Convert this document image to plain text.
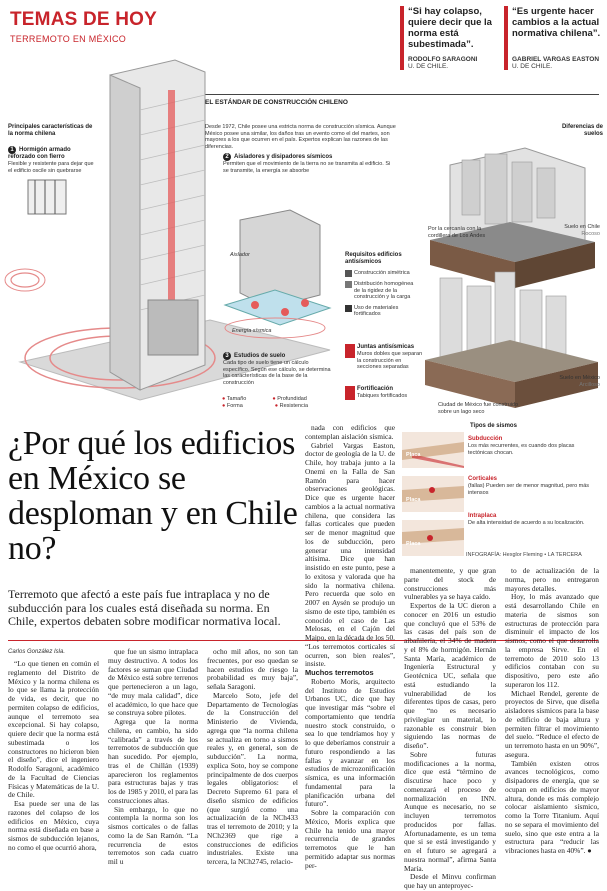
TEMAS DE HOY
TERREMOTO EN MÉXICO
“Si hay colapso, quiere decir que la norma está subestimada”.
RODOLFO SARAGONI
U. DE CHILE.
“Es urgente hacer cambios a la actual normativa chilena”.
GABRIEL VARGAS EASTON
U. DE CHILE.
EL ESTÁNDAR DE CONSTRUCCIÓN CHILENO
Desde 1972, Chile posee una estricta norma de construcción sísmica. Aunque México posee una similar, los daños tras un evento como el del martes, son mayores a los que ocurren en el país. Expertos explican las razones de las diferencias.
Principales características de la norma chilena
1 Hormigón armado reforzado con fierro
Flexible y resistente para dejar que el edificio oscile sin quebrarse
2 Aisladores y disipadores sísmicos
Permiten que el movimiento de la tierra no se transmita al edificio. Si se transmite, la energía se absorbe
Aislador
Energía sísmica
3 Estudios de suelo
Cada tipo de suelo tiene un cálculo específico. Según ese cálculo, se determina las características de la base de la construcción
● Tamaño	● Profundidad
● Forma	● Resistencia
Requisitos edificios antisísmicos
Construcción simétrica
Distribución homogénea de la rigidez de la construcción y la carga
Uso de materiales fortificados
Juntas antisísmicas
Muros dobles que separan la construcción en secciones separadas
Fortificación
Tabiques fortificados
Diferencias de suelos
Por la cercanía con la cordillera de Los Andes
Suelo en Chile
Rocoso
Suelo en México
Arcilloso
Ciudad de México fue construido sobre un lago seco
Tipos de sismos
Placa
Placa
Placa
Subducción
Los más recurrentes, es cuando dos placas tectónicas chocan.
Corticales
(fallas) Pueden ser de menor magnitud, pero más intensos
Intraplaca
De alta intensidad de acuerdo a su localización.
INFOGRAFÍA: Hexglor Fleming • LA TERCERA
¿Por qué los edificios en México se desploman y en Chile no?
Terremoto que afectó a este país fue intraplaca y no de subducción para los cuales está diseñada su norma. En Chile, expertos debaten sobre modificar normativa local.
Carlos González Isla.

“Lo que tienen en común el reglamento del Distrito de México y la norma chilena es lo que se llama la protección de vida, es decir, que no permiten colapso de edificios, aunque el terremoto sea excepcional. Si hay colapso, quiere decir que la norma está subestimada o los constructores no hicieron bien el diseño”, dice el ingeniero Rodolfo Saragoni, académico de la Facultad de Ciencias Físicas y Matemáticas de la U. de Chile.

Esa puede ser una de las razones del colapso de los edificios en México, cuya norma está diseñada en base a sismos de subducción lejanos, no como el que ocurrió ahora,

que fue un sismo intraplaca muy destructivo. A todos los factores se suman que Ciudad de México está sobre terrenos que pertenecieron a un lago, “de muy mala calidad”, dice el académico, lo que hace que se construya sobre pilotes.

Agrega que la norma chilena, en cambio, ha sido “calibrada” a través de los terremotos de subducción que han sucedido. Por ejemplo, tras el de Chillán (1939) aparecieron los reglamentos para estructuras bajas y tras los de 1985 y 2010, el para las construcciones altas.

Sin embargo, lo que no contempla la norma son los sismos corticales o de fallas como la de San Ramón. “La recurrencia de estos terremotos son cada cuatro mil u

ocho mil años, no son tan frecuentes, por eso quedan se hacen estudios de riesgo la probabilidad es muy baja”, señala Saragoni.

Marcelo Soto, jefe del Departamento de Tecnologías de la Construcción del Ministerio de Vivienda, agrega que “la norma chilena se actualiza en torno a sismos reales y, en general, son de subducción”. La norma, explica Soto, hoy se compone principalmente de dos cuerpos legales obligatorios: el Decreto Supremo 61 para el diseño sísmico de edificios (que surgió como una actualización de la NCh433 tras el terremoto de 2010; y la NCh2369 que rige a construcciones de edificios industriales. Existe una tercera, la NCh2745, relacio-

nada con edificios que contemplan aislación sísmica.

Gabriel Vargas Easton, doctor de geología de la U. de Chile, hoy trabaja junto a la Onemi en la Falla de San Ramón para hacer observaciones geológicas. Dice que es urgente hacer cambios a la actual normativa chilena, que considera las fallas corticales que pueden ser de menor magnitud que los de subducción, pero generar una intensidad altísima. Dice que han insistido en este punto, pese a lo exitosa y valorada que ha sido la normativa chilena. Pero recuerda que solo en 2007 en Aysén se produjo un sismo de este tipo, también es conocido el caso de Las Melosas, en el Cajón del Maipo, en la década de los 50. “Los terremotos corticales sí ocurren, son bien reales”, insiste.

Muchos terremotos

Roberto Moris, arquitecto del Instituto de Estudios Urbanos UC, dice que hay que investigar más “sobre el comportamiento que tendría nuestro stock construido, o sea lo que tendríamos hoy y lo que deberíamos construir a futuro respondiendo a las fallas y avanzar en los estudios de microzonificación sísmica, es una información fundamental para la planificación urbana del futuro”.

Sobre la comparación con México, Moris explica que Chile ha tenido una mayor recurrencia de grandes terremotos que le han permitido adaptar sus normas per-

manentemente, y que gran parte del stock de construcciones más vulnerables ya se haya caído.

Expertos de la UC dieron a conocer en 2016 un estudio que concluyó que el 53% de las casas del país son de albañilería, el 34% de madera y el 8% de hormigón. Hernán Santa María, académico de Ingeniería Estructural y Geotécnica UC, señala que está estudiando la vulnerabilidad de los diferentes tipos de casas, pero que “no es necesario privilegiar un material, lo razonable es construir bien siguiendo las normas de diseño”.

Sobre futuras modificaciones a la norma, dice que está “término de discutirse hace poco y comenzará el proceso de normalización en INN. Aunque es necesario, no se incluyen terremotos producidos por fallas. Afortunadamente, es un tema que si se está investigando y en el futuro se agregará a nuestra normal”, afirma Santa María.

Desde el Minvu confirman que hay un anteproyec-

to de actualización de la norma, pero no entregaron mayores detalles.

Hoy, lo más avanzado que está desarrollando Chile en materia de sismos son estructuras de protección para disminuir el impacto de los sismos, como el que desarrolla la empresa Sirve. En el terremoto de 2010 solo 13 edificios contaban con su dispositivo, pero este año superaron los 112.

Michael Rendel, gerente de proyectos de Sirve, que diseña aisladores sísmicos para la base de edificio de baja altura y permiten filtrar el movimiento del suelo. “Reduce el efecto de un terremoto hasta en un 90%”, asegura.

También existen otros avances tecnológicos, como disipadores de energía, que se ocupan en edificios de mayor altura, donde es más complejo colocar aislamiento sísmico, como la Torre Titanium. Aquí no se separa el movimiento del suelo, sino que este entra a la estructura para “reducir las vibraciones hasta en 40%”. ●
